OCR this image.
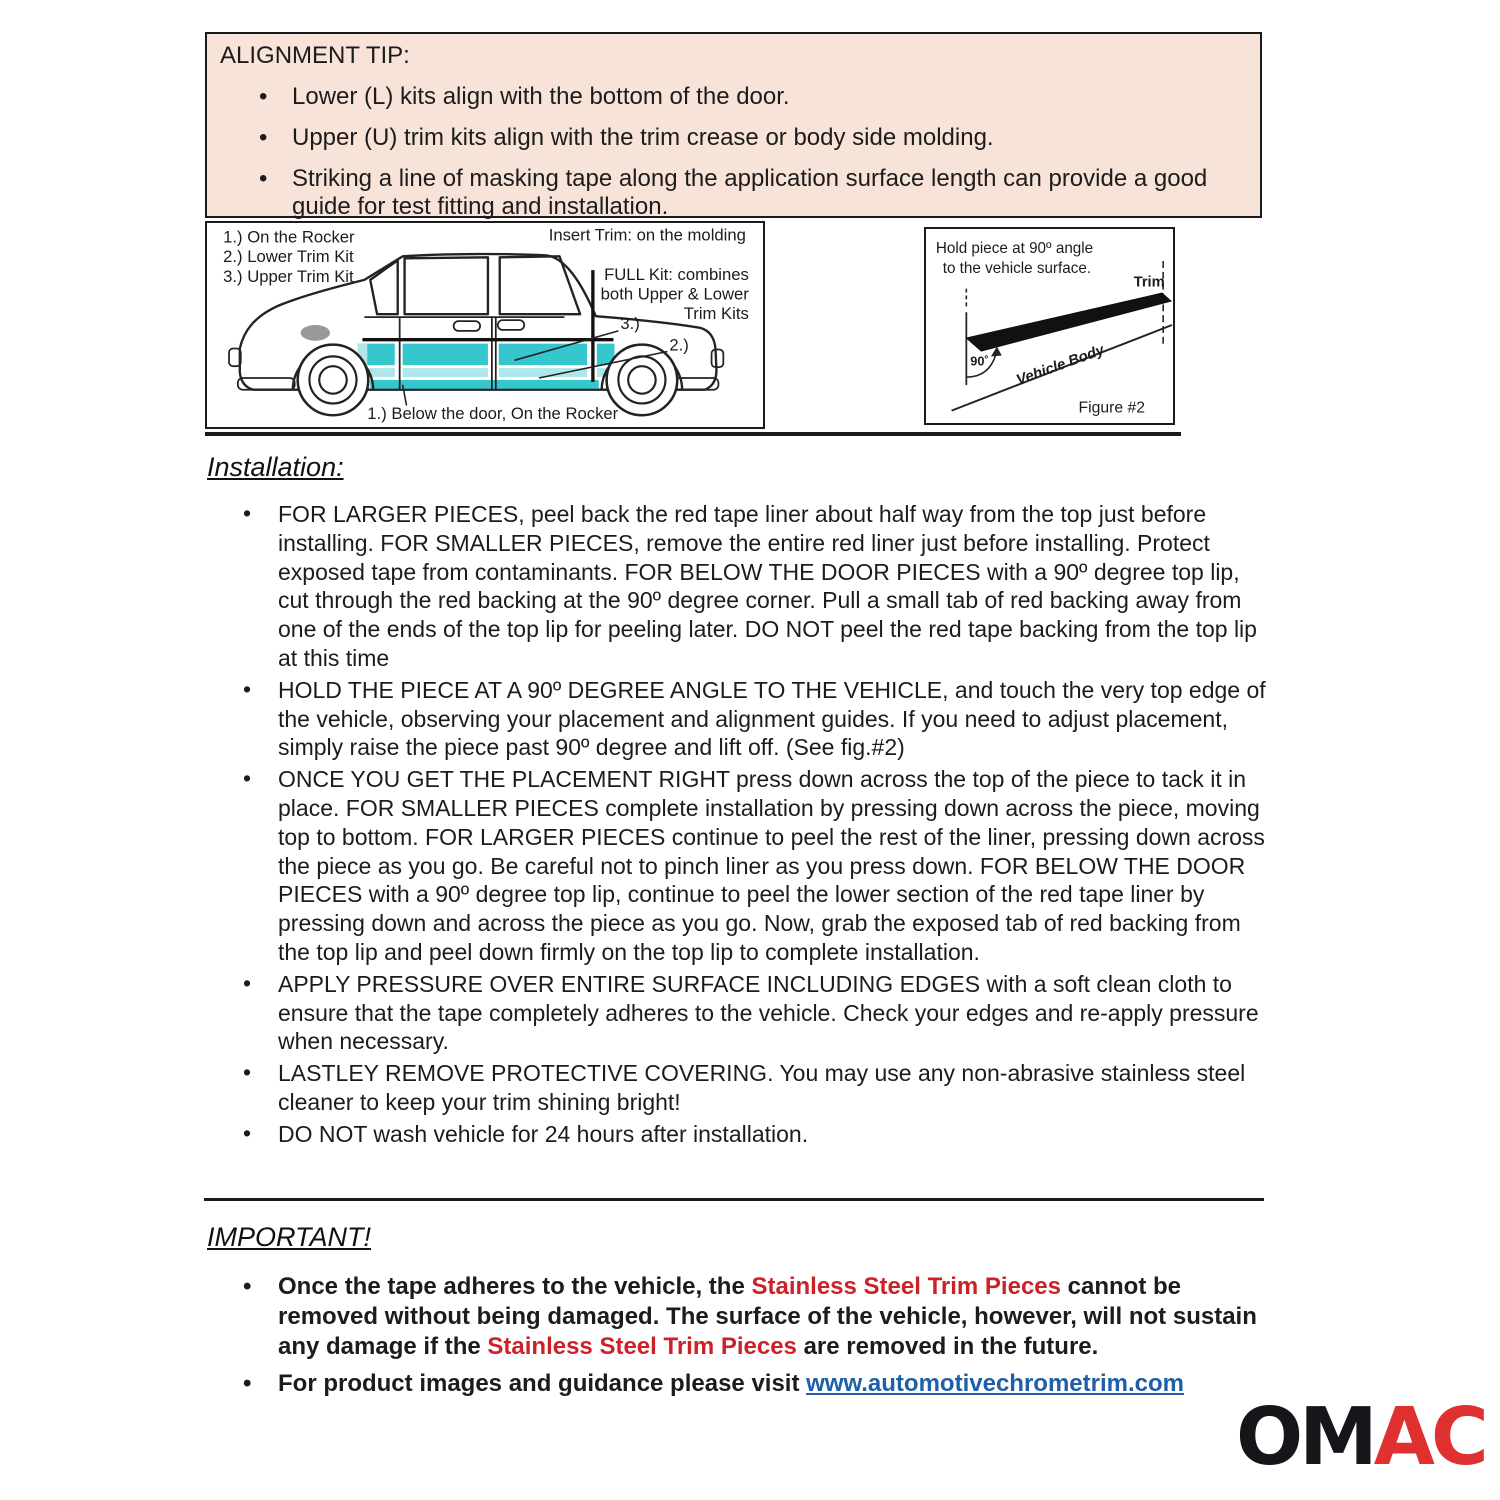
ALIGNMENT TIP:
• Lower (L) kits align with the bottom of the door.
• Upper (U) trim kits align with the trim crease or body side molding.
• Striking a line of masking tape along the application surface length can provide a good guide for test fitting and installation.
1.) On the Rocker
2.) Lower Trim Kit
3.) Upper Trim Kit
Insert Trim: on the molding
FULL Kit: combines
both Upper & Lower
Trim Kits
3.)
2.)
1.) Below the door, On the Rocker
Hold piece at 90º angle
to the vehicle surface.
90˚
Trim
Vehicle Body
Figure #2
Installation:
• FOR LARGER PIECES, peel back the red tape liner about half way from the top just before installing. FOR SMALLER PIECES, remove the entire red liner just before installing. Protect exposed tape from contaminants. FOR BELOW THE DOOR PIECES with a 90º degree top lip, cut through the red backing at the 90º degree corner. Pull a small tab of red backing away from one of the ends of the top lip for peeling later. DO NOT peel the red tape backing from the top lip at this time
• HOLD THE PIECE AT A 90º DEGREE ANGLE TO THE VEHICLE, and touch the very top edge of the vehicle, observing your placement and alignment guides. If you need to adjust placement, simply raise the piece past 90º degree and lift off. (See fig.#2)
• ONCE YOU GET THE PLACEMENT RIGHT press down across the top of the piece to tack it in place. FOR SMALLER PIECES complete installation by pressing down across the piece, moving top to bottom. FOR LARGER PIECES continue to peel the rest of the liner, pressing down across the piece as you go. Be careful not to pinch liner as you press down. FOR BELOW THE DOOR PIECES with a 90º degree top lip, continue to peel the lower section of the red tape liner by pressing down and across the piece as you go. Now, grab the exposed tab of red backing from the top lip and peel down firmly on the top lip to complete installation.
• APPLY PRESSURE OVER ENTIRE SURFACE INCLUDING EDGES with a soft clean cloth to ensure that the tape completely adheres to the vehicle. Check your edges and re-apply pressure when necessary.
• LASTLEY REMOVE PROTECTIVE COVERING. You may use any non-abrasive stainless steel cleaner to keep your trim shining bright!
• DO NOT wash vehicle for 24 hours after installation.
IMPORTANT!
• Once the tape adheres to the vehicle, the Stainless Steel Trim Pieces cannot be removed without being damaged. The surface of the vehicle, however, will not sustain any damage if the Stainless Steel Trim Pieces are removed in the future.
• For product images and guidance please visit www.automotivechrometrim.com
OMAC
